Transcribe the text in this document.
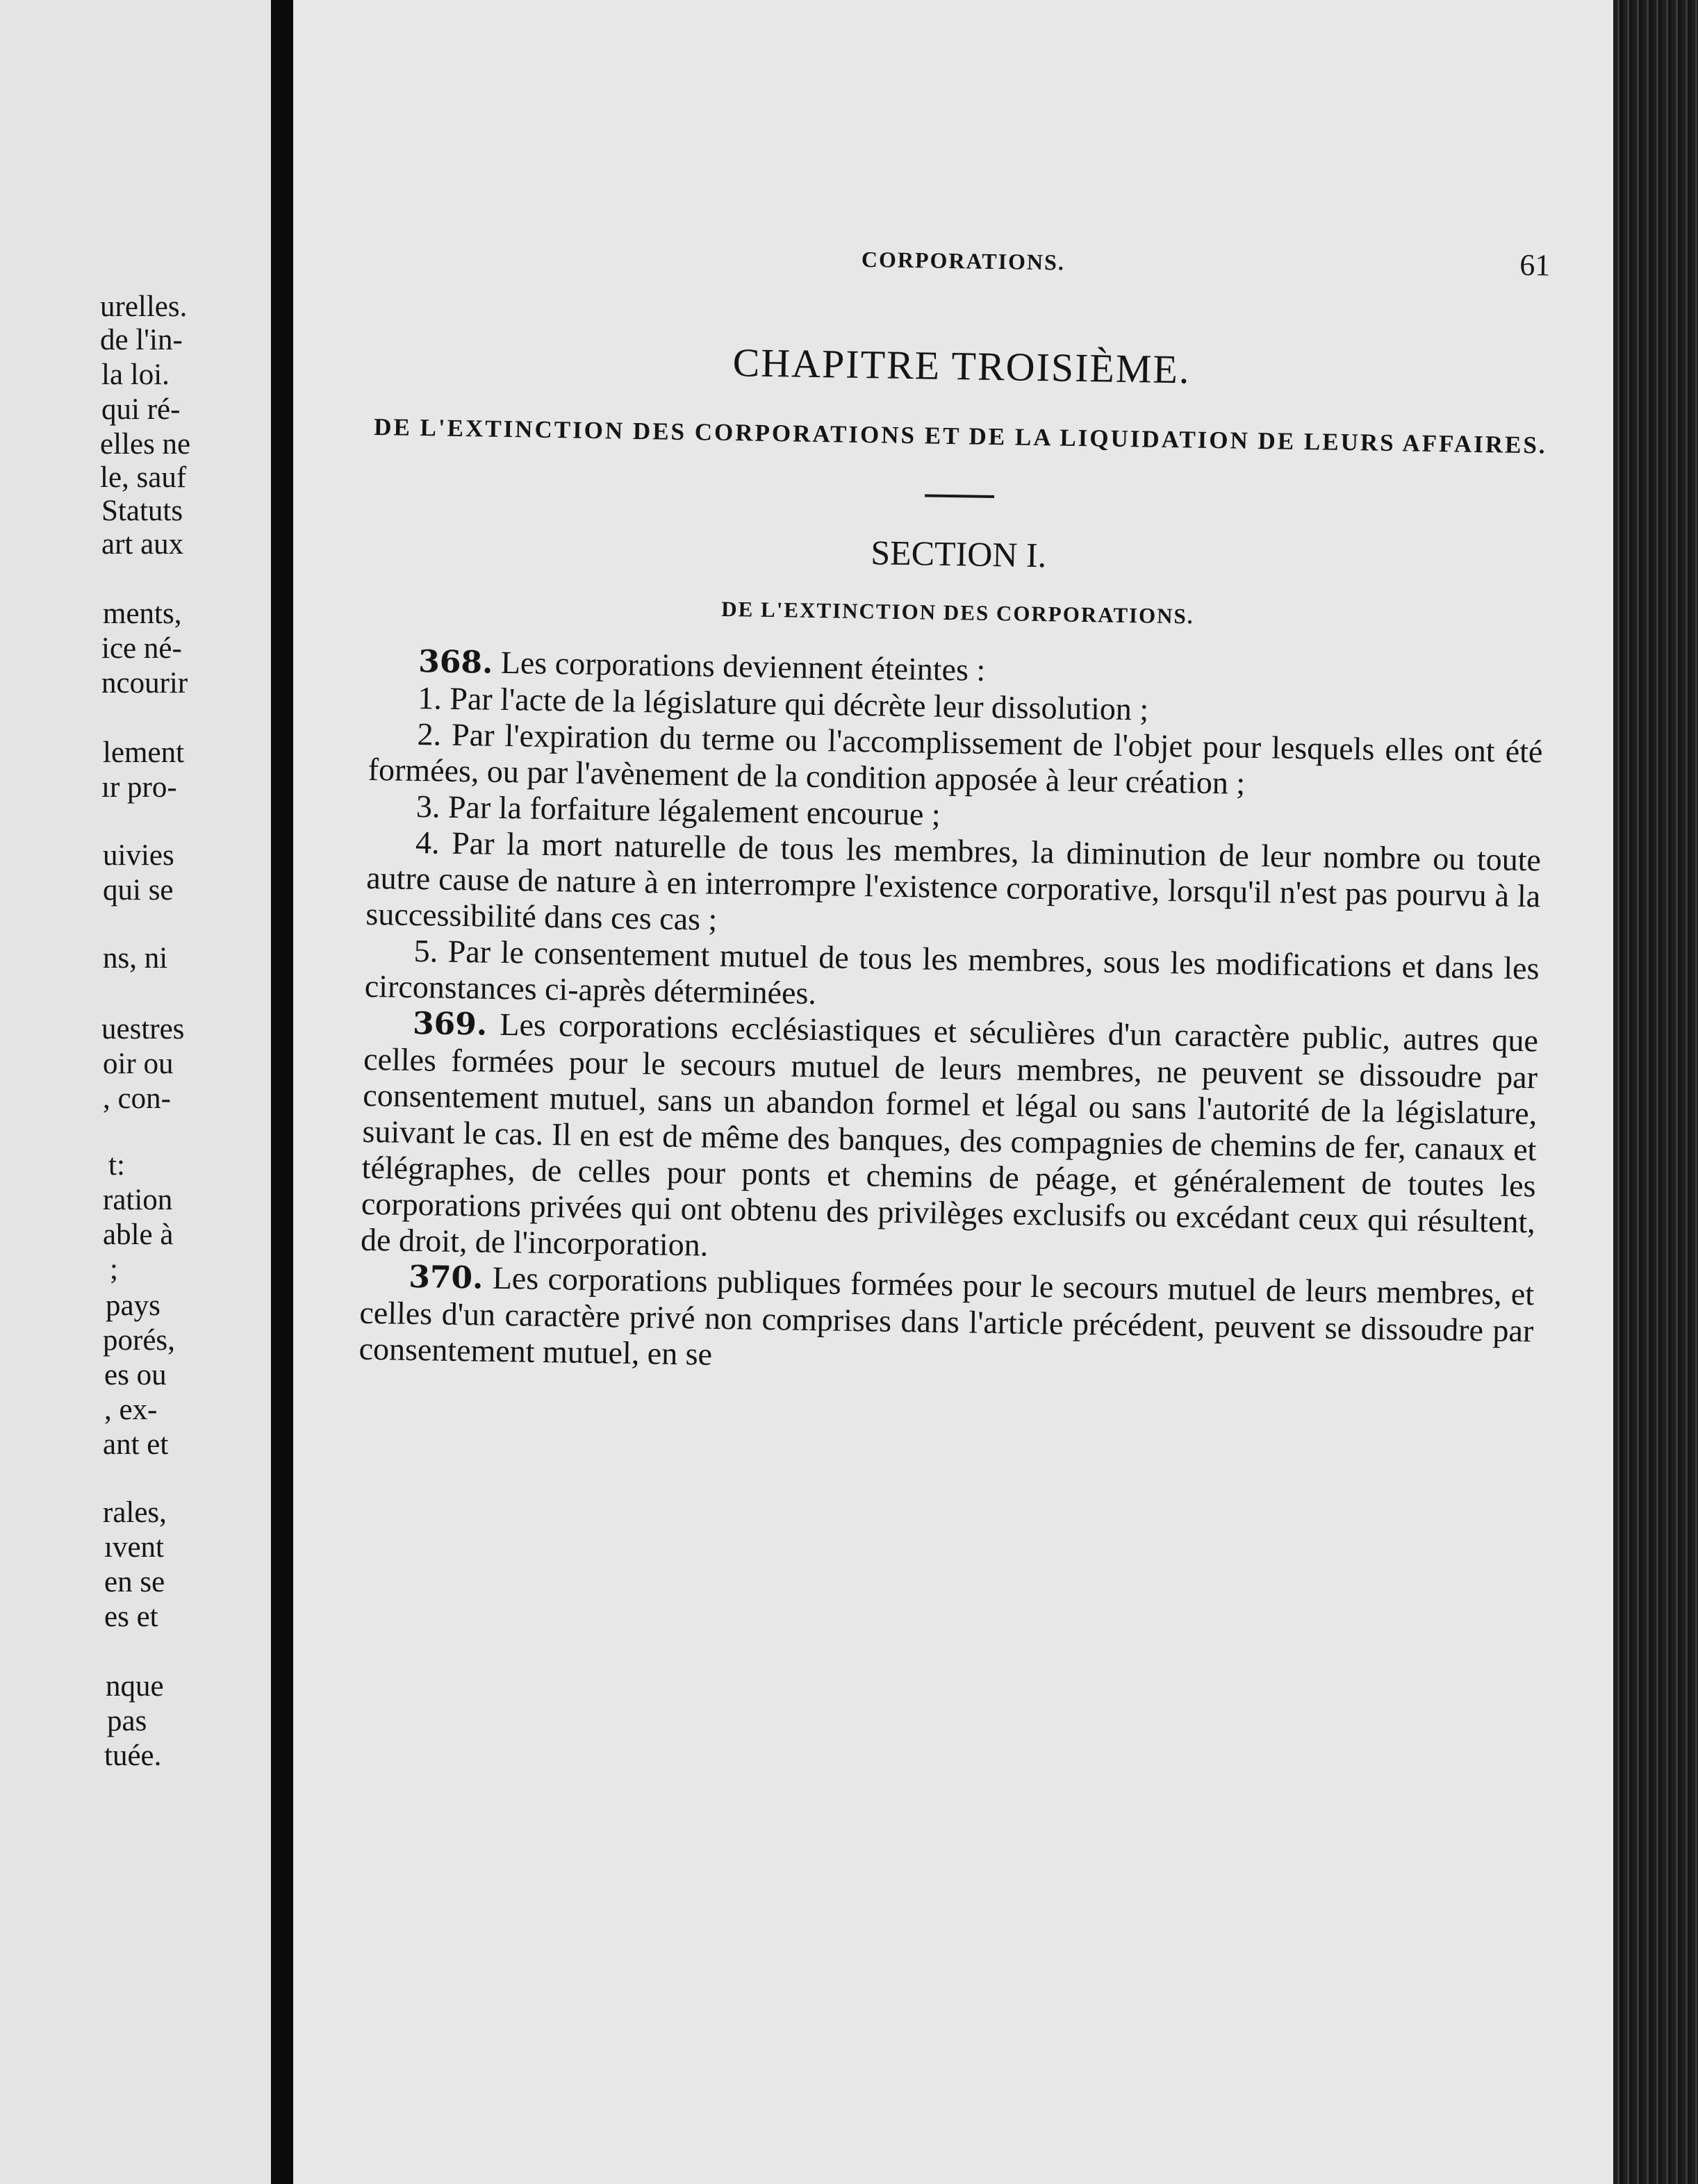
urelles.
de l'in-
la loi.
qui ré-
elles ne
le, sauf
Statuts
art aux
ments,
ice né-
ncourir
lement
ır pro-
uivies
qui se
ns, ni
uestres
oir ou
, con-
t:
ration
able à
;
pays
porés,
es ou
, ex-
ant et
rales,
ıvent
en se
es et
nque
pas
tuée.
CORPORATIONS.	61
CHAPITRE TROISIÈME.

DE L'EXTINCTION DES CORPORATIONS ET DE LA LIQUIDATION DE LEURS AFFAIRES.

SECTION I.
DE L'EXTINCTION DES CORPORATIONS.

368. Les corporations deviennent éteintes :

1. Par l'acte de la législature qui décrète leur dissolution ;

2. Par l'expiration du terme ou l'accomplissement de l'objet pour lesquels elles ont été formées, ou par l'avènement de la condition apposée à leur création ;

3. Par la forfaiture légalement encourue ;

4. Par la mort naturelle de tous les membres, la diminution de leur nombre ou toute autre cause de nature à en interrompre l'existence corporative, lorsqu'il n'est pas pourvu à la successibilité dans ces cas ;

5. Par le consentement mutuel de tous les membres, sous les modifications et dans les circonstances ci-après déterminées.

369. Les corporations ecclésiastiques et séculières d'un caractère public, autres que celles formées pour le secours mutuel de leurs membres, ne peuvent se dissoudre par consentement mutuel, sans un abandon formel et légal ou sans l'autorité de la législature, suivant le cas. Il en est de même des banques, des compagnies de chemins de fer, canaux et télégraphes, de celles pour ponts et chemins de péage, et généralement de toutes les corporations privées qui ont obtenu des privilèges exclusifs ou excédant ceux qui résultent, de droit, de l'incorporation.

370. Les corporations publiques formées pour le secours mutuel de leurs membres, et celles d'un caractère privé non comprises dans l'article précédent, peuvent se dissoudre par consentement mutuel, en se
